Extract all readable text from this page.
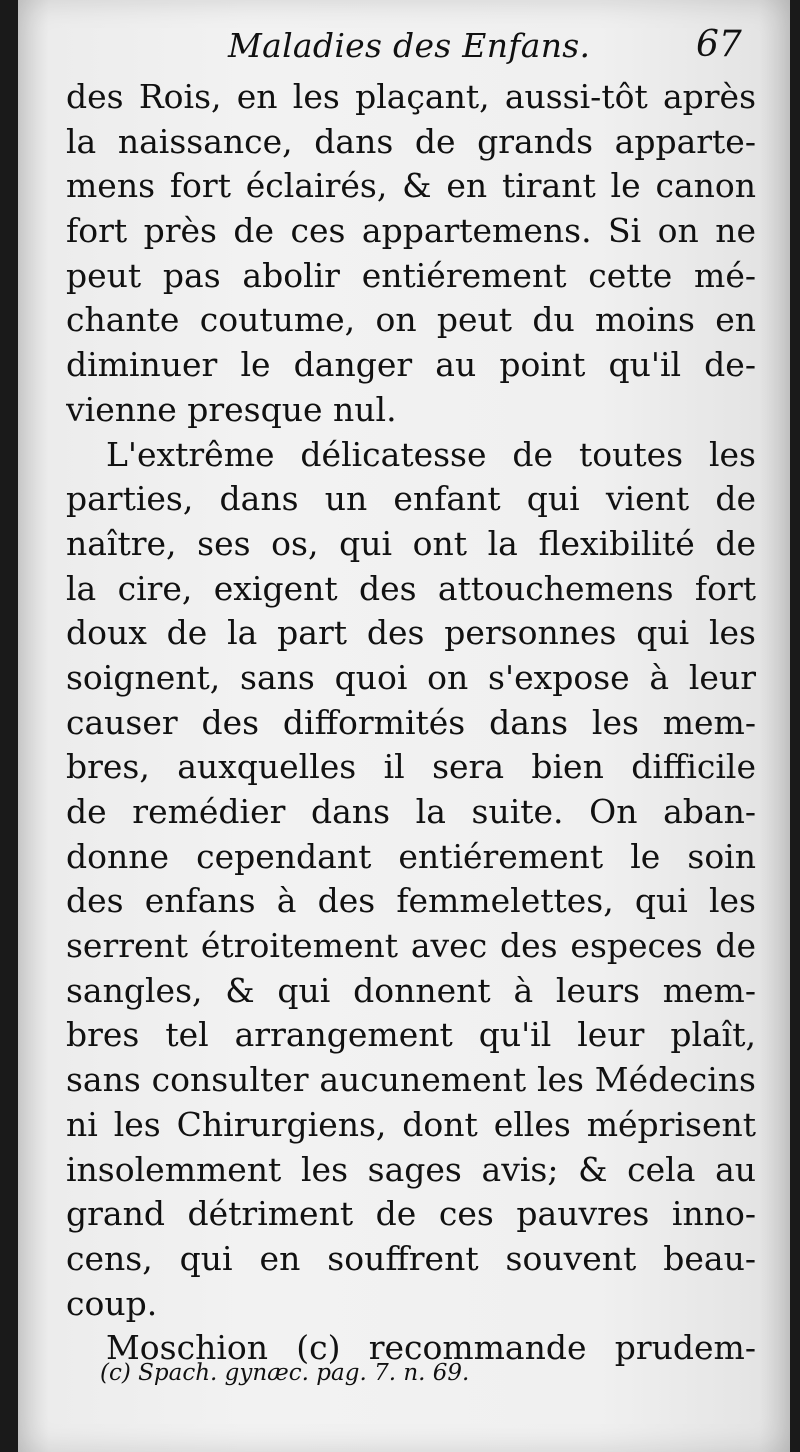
Maladies des Enfans.	67
des Rois, en les plaçant, aussi-tôt après
la naissance, dans de grands apparte-
mens fort éclairés, & en tirant le canon
fort près de ces appartemens. Si on ne
peut pas abolir entiérement cette mé-
chante coutume, on peut du moins en
diminuer le danger au point qu'il de-
vienne presque nul.
L'extrême délicatesse de toutes les
parties, dans un enfant qui vient de
naître, ses os, qui ont la flexibilité de
la cire, exigent des attouchemens fort
doux de la part des personnes qui les
soignent, sans quoi on s'expose à leur
causer des difformités dans les mem-
bres, auxquelles il sera bien difficile
de remédier dans la suite. On aban-
donne cependant entiérement le soin
des enfans à des femmelettes, qui les
serrent étroitement avec des especes de
sangles, & qui donnent à leurs mem-
bres tel arrangement qu'il leur plaît,
sans consulter aucunement les Médecins
ni les Chirurgiens, dont elles méprisent
insolemment les sages avis; & cela au
grand détriment de ces pauvres inno-
cens, qui en souffrent souvent beau-
coup.
Moschion (c) recommande prudem-
(c) Spach. gynæc. pag. 7. n. 69.
